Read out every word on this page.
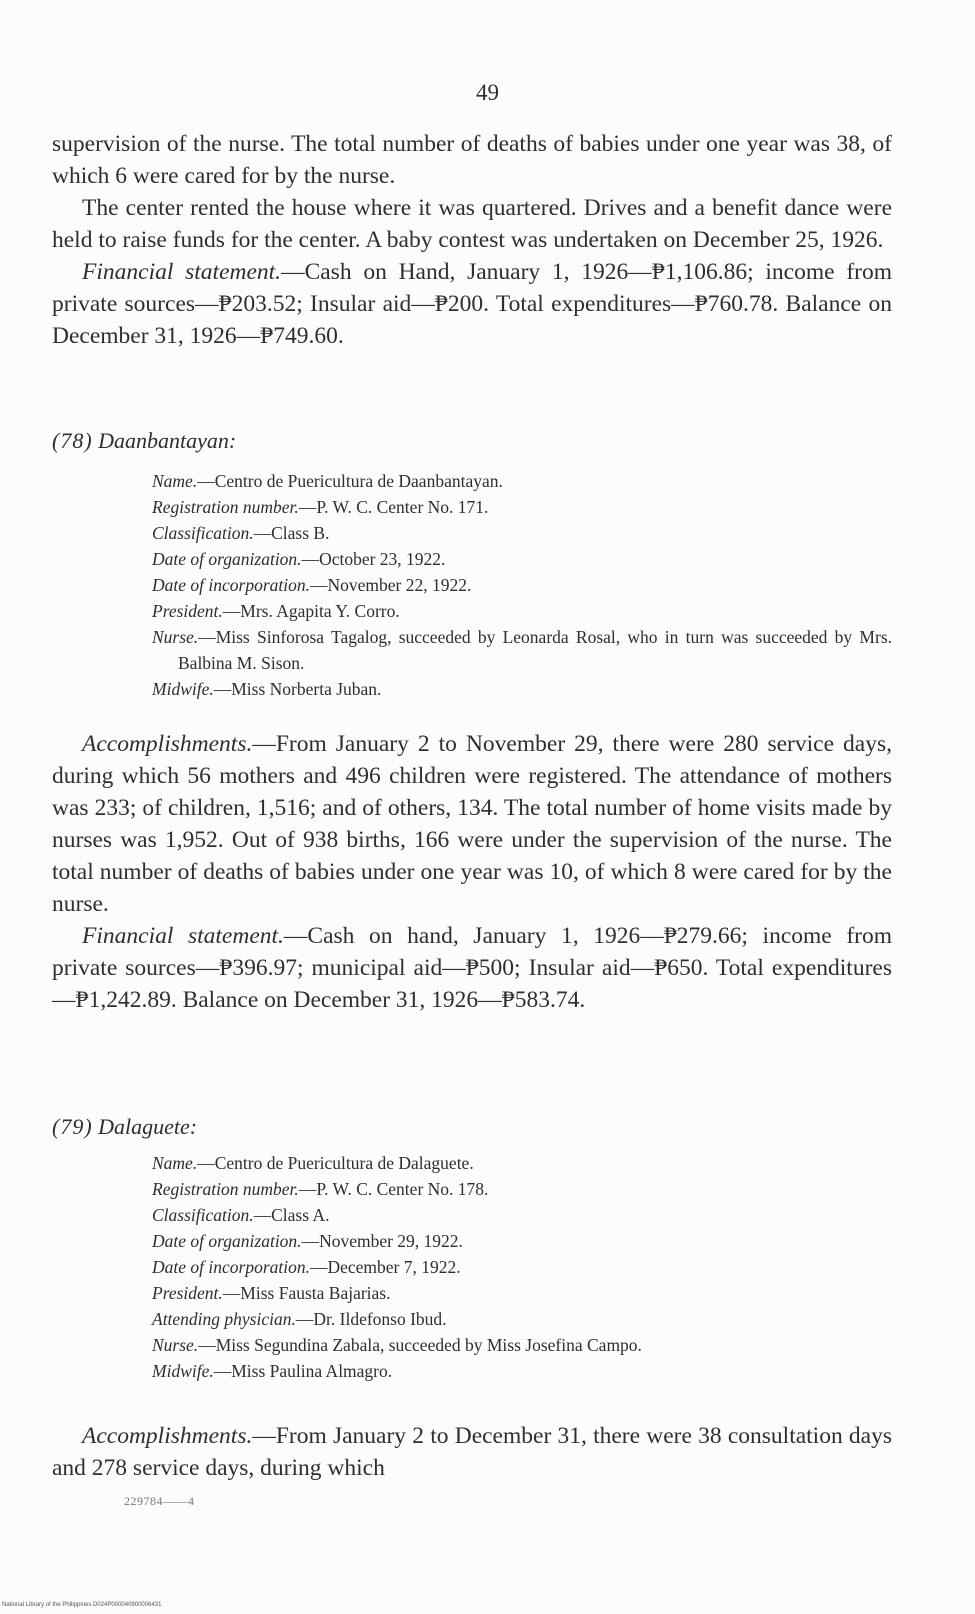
49

supervision of the nurse. The total number of deaths of babies under one year was 38, of which 6 were cared for by the nurse.

The center rented the house where it was quartered. Drives and a benefit dance were held to raise funds for the center. A baby contest was undertaken on December 25, 1926.

Financial statement.—Cash on Hand, January 1, 1926—₱1,106.86; income from private sources—₱203.52; Insular aid—₱200. Total expenditures—₱760.78. Balance on December 31, 1926—₱749.60.

(78) Daanbantayan:

Name.—Centro de Puericultura de Daanbantayan.

Registration number.—P. W. C. Center No. 171.

Classification.—Class B.

Date of organization.—October 23, 1922.

Date of incorporation.—November 22, 1922.

President.—Mrs. Agapita Y. Corro.

Nurse.—Miss Sinforosa Tagalog, succeeded by Leonarda Rosal, who in turn was succeeded by Mrs. Balbina M. Sison.

Midwife.—Miss Norberta Juban.

Accomplishments.—From January 2 to November 29, there were 280 service days, during which 56 mothers and 496 children were registered. The attendance of mothers was 233; of children, 1,516; and of others, 134. The total number of home visits made by nurses was 1,952. Out of 938 births, 166 were under the supervision of the nurse. The total number of deaths of babies under one year was 10, of which 8 were cared for by the nurse.

Financial statement.—Cash on hand, January 1, 1926—₱279.66; income from private sources—₱396.97; municipal aid—₱500; Insular aid—₱650. Total expenditures—₱1,242.89. Balance on December 31, 1926—₱583.74.

(79) Dalaguete:

Name.—Centro de Puericultura de Dalaguete.

Registration number.—P. W. C. Center No. 178.

Classification.—Class A.

Date of organization.—November 29, 1922.

Date of incorporation.—December 7, 1922.

President.—Miss Fausta Bajarias.

Attending physician.—Dr. Ildefonso Ibud.

Nurse.—Miss Segundina Zabala, succeeded by Miss Josefina Campo.

Midwife.—Miss Paulina Almagro.

Accomplishments.—From January 2 to December 31, there were 38 consultation days and 278 service days, during which

229784——4
National Library of the Philippines D024P000040900006431
